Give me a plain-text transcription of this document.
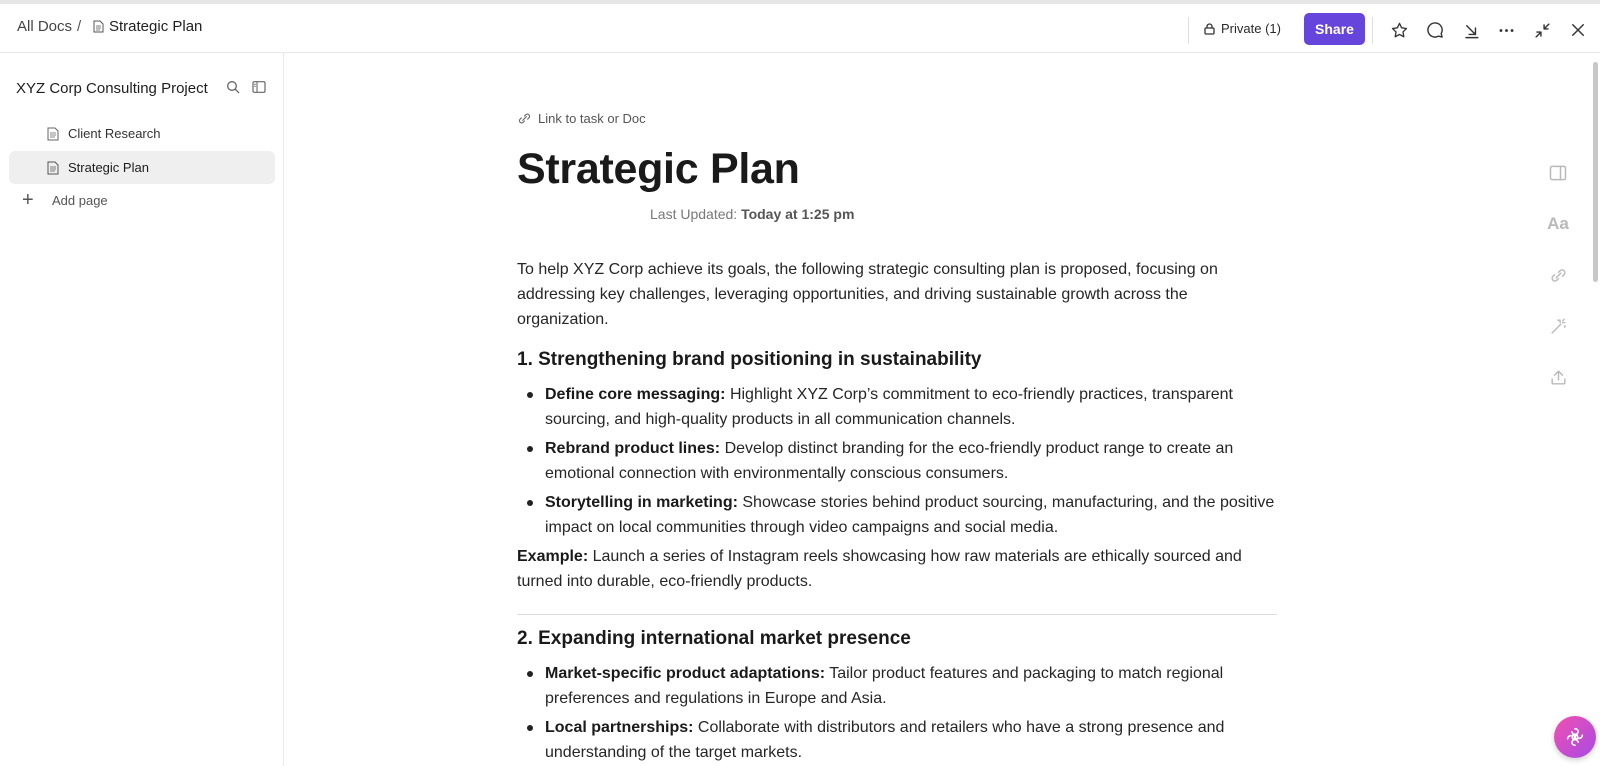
All Docs / Strategic Plan	Private (1)	Share
XYZ Corp Consulting Project
Client Research
Strategic Plan
+	Add page
Link to task or Doc
Strategic Plan
Last Updated: Today at 1:25 pm

To help XYZ Corp achieve its goals, the following strategic consulting plan is proposed, focusing on addressing key challenges, leveraging opportunities, and driving sustainable growth across the organization.

1. Strengthening brand positioning in sustainability
Define core messaging: Highlight XYZ Corp’s commitment to eco-friendly practices, transparent sourcing, and high-quality products in all communication channels.
Rebrand product lines: Develop distinct branding for the eco-friendly product range to create an emotional connection with environmentally conscious consumers.
Storytelling in marketing: Showcase stories behind product sourcing, manufacturing, and the positive impact on local communities through video campaigns and social media.

Example: Launch a series of Instagram reels showcasing how raw materials are ethically sourced and turned into durable, eco-friendly products.

2. Expanding international market presence
Market-specific product adaptations: Tailor product features and packaging to match regional preferences and regulations in Europe and Asia.
Local partnerships: Collaborate with distributors and retailers who have a strong presence and understanding of the target markets.
Aa
